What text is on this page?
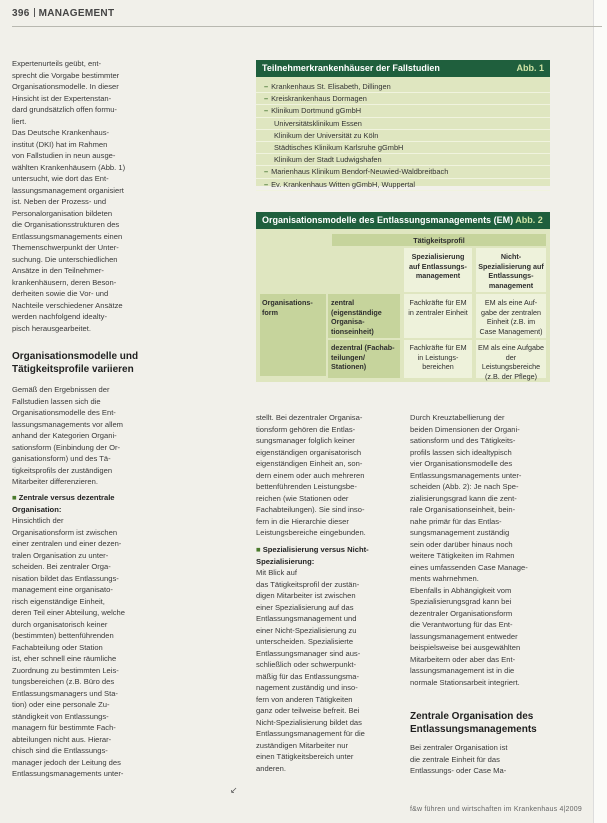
396 MANAGEMENT

Expertenurteils geübt, ent-

sprecht die Vorgabe bestimmter

Organisationsmodelle. In dieser

Hinsicht ist der Expertenstan-

dard grundsätzlich offen formu-

liert.

Das Deutsche Krankenhaus-

institut (DKI) hat im Rahmen

von Fallstudien in neun ausge-

wählten Krankenhäusern (Abb. 1)

untersucht, wie dort das Ent-

lassungsmanagement organisiert

ist. Neben der Prozess- und

Personalorganisation bildeten

die Organisationsstrukturen des

Entlassungsmanagements einen

Themenschwerpunkt der Unter-

suchung. Die unterschiedlichen

Ansätze in den Teilnehmer-

krankenhäusern, deren Beson-

derheiten sowie die Vor- und

Nachteile verschiedener Ansätze

werden nachfolgend idealty-

pisch herausgearbeitet.

Organisationsmodelle und
Tätigkeitsprofile variieren

Gemäß den Ergebnissen der

Fallstudien lassen sich die

Organisationsmodelle des Ent-

lassungsmanagements vor allem

anhand der Kategorien Organi-

sationsform (Einbindung der Or-

ganisationsform) und des Tä-

tigkeitsprofils der zuständigen

Mitarbeiter differenzieren.

■ Zentrale versus dezentrale

Organisation:

Hinsichtlich der

Organisationsform ist zwischen

einer zentralen und einer dezen-

tralen Organisation zu unter-

scheiden. Bei zentraler Orga-

nisation bildet das Entlassungs-

management eine organisato-

risch eigenständige Einheit,

deren Teil einer Abteilung, welche

durch organisatorisch keiner

(bestimmten) bettenführenden

Fachabteilung oder Station

ist, eher schnell eine räumliche

Zuordnung zu bestimmten Leis-

tungsbereichen (z.B. Büro des

Entlassungsmanagers und Sta-

tion) oder eine personale Zu-

ständigkeit von Entlassungs-

managern für bestimmte Fach-

abteilungen nicht aus. Hierar-

chisch sind die Entlassungs-

manager jedoch der Leitung des

Entlassungsmanagements unter-

stellt. Bei dezentraler Organisa-

tionsform gehören die Entlas-

sungsmanager folglich keiner

eigenständigen organisatorisch

eigenständigen Einheit an, son-

dern einem oder auch mehreren

bettenführenden Leistungsbe-

reichen (wie Stationen oder

Fachabteilungen). Sie sind inso-

fern in die Hierarchie dieser

Leistungsbereiche eingebunden.

■ Spezialisierung versus Nicht-

Spezialisierung:

Mit Blick auf

das Tätigkeitsprofil der zustän-

digen Mitarbeiter ist zwischen

einer Spezialisierung auf das

Entlassungsmanagement und

einer Nicht-Spezialisierung zu

unterscheiden. Spezialisierte

Entlassungsmanager sind aus-

schließlich oder schwerpunkt-

mäßig für das Entlassungsma-

nagement zuständig und inso-

fern von anderen Tätigkeiten

ganz oder teilweise befreit. Bei

Nicht-Spezialisierung bildet das

Entlassungsmanagement für die

zuständigen Mitarbeiter nur

einen Tätigkeitsbereich unter

anderen.

Durch Kreuztabellierung der

beiden Dimensionen der Organi-

sationsform und des Tätigkeits-

profils lassen sich idealtypisch

vier Organisationsmodelle des

Entlassungsmanagements unter-

scheiden (Abb. 2): Je nach Spe-

zialisierungsgrad kann die zent-

rale Organisationseinheit, bein-

nahe primär für das Entlas-

sungsmanagement zuständig

sein oder darüber hinaus noch

weitere Tätigkeiten im Rahmen

eines umfassenden Case Manage-

ments wahrnehmen.

Ebenfalls in Abhängigkeit vom

Spezialisierungsgrad kann bei

dezentraler Organisationsform

die Verantwortung für das Ent-

lassungsmanagement entweder

beispielsweise bei ausgewählten

Mitarbeitern oder aber das Ent-

lassungsmanagement ist in die

normale Stationsarbeit integriert.

Zentrale Organisation des
Entlassungsmanagements

Bei zentraler Organisation ist

die zentrale Einheit für das

Entlassungs- oder Case Ma-

Teilnehmerkrankenhäuser der Fallstudien	Abb. 1
– Krankenhaus St. Elisabeth, Dillingen
– Kreiskrankenhaus Dormagen
– Klinikum Dortmund gGmbH
Universitätsklinikum Essen
Klinikum der Universität zu Köln
Städtisches Klinikum Karlsruhe gGmbH
Klinikum der Stadt Ludwigshafen
– Marienhaus Klinikum Bendorf-Neuwied-Waldbreitbach
– Ev. Krankenhaus Witten gGmbH, Wuppertal
Organisationsmodelle des Entlassungsmanagements (EM) Abb. 2
Tätigkeitsprofil
Spezialisierung auf Entlassungs-management
Nicht-Spezialisierung auf Entlassungs-management
Organisations-form
zentral (eigenständige Organisa-tionseinheit)
Fachkräfte für EM in zentraler Einheit
EM als eine Auf-gabe der zentralen Einheit (z.B. im Case Management)
dezentral (Fachab-teilungen/ Stationen)
Fachkräfte für EM in Leistungs-bereichen
EM als eine Aufgabe der Leistungsbereiche (z.B. der Pflege)
↙
f&w führen und wirtschaften im Krankenhaus 4|2009
